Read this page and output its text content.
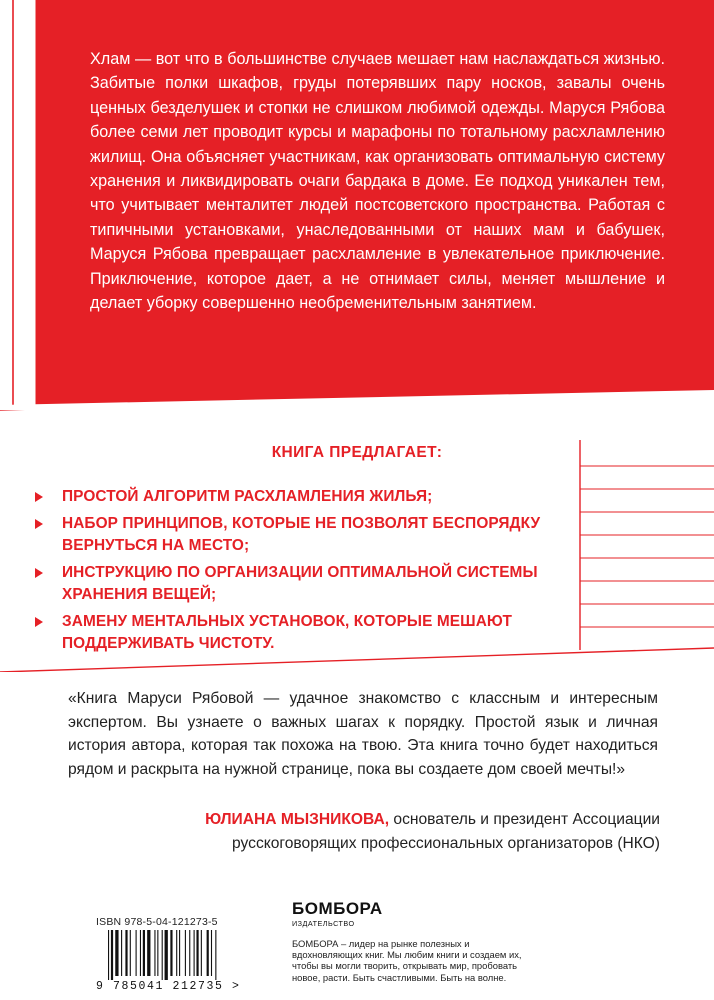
Хлам — вот что в большинстве случаев мешает нам наслаждаться жизнью. Забитые полки шкафов, груды потерявших пару носков, завалы очень ценных безделушек и стопки не слишком любимой одежды. Маруся Рябова более семи лет проводит курсы и марафоны по тотальному расхламлению жилищ. Она объясняет участникам, как организовать оптимальную систему хранения и ликвидировать очаги бардака в доме. Ее подход уникален тем, что учитывает менталитет людей постсоветского пространства. Работая с типичными установками, унаследованными от наших мам и бабушек, Маруся Рябова превращает расхламление в увлекательное приключение. Приключение, которое дает, а не отнимает силы, меняет мышление и делает уборку совершенно необременительным занятием.
КНИГА ПРЕДЛАГАЕТ:
ПРОСТОЙ АЛГОРИТМ РАСХЛАМЛЕНИЯ ЖИЛЬЯ;
НАБОР ПРИНЦИПОВ, КОТОРЫЕ НЕ ПОЗВОЛЯТ БЕСПОРЯДКУ ВЕРНУТЬСЯ НА МЕСТО;
ИНСТРУКЦИЮ ПО ОРГАНИЗАЦИИ ОПТИМАЛЬНОЙ СИСТЕМЫ ХРАНЕНИЯ ВЕЩЕЙ;
ЗАМЕНУ МЕНТАЛЬНЫХ УСТАНОВОК, КОТОРЫЕ МЕШАЮТ ПОДДЕРЖИВАТЬ ЧИСТОТУ.
«Книга Маруси Рябовой — удачное знакомство с классным и интересным экспертом. Вы узнаете о важных шагах к порядку. Простой язык и личная история автора, которая так похожа на твою. Эта книга точно будет находиться рядом и раскрыта на нужной странице, пока вы создаете дом своей мечты!»
ЮЛИАНА МЫЗНИКОВА, основатель и президент Ассоциации русскоговорящих профессиональных организаторов (НКО)
ISBN 978-5-04-121273-5
9 785041 212735 >
БОМБОРА
ИЗДАТЕЛЬСТВО
БОМБОРА – лидер на рынке полезных и вдохновляющих книг. Мы любим книги и создаем их, чтобы вы могли творить, открывать мир, пробовать новое, расти. Быть счастливыми. Быть на волне.
